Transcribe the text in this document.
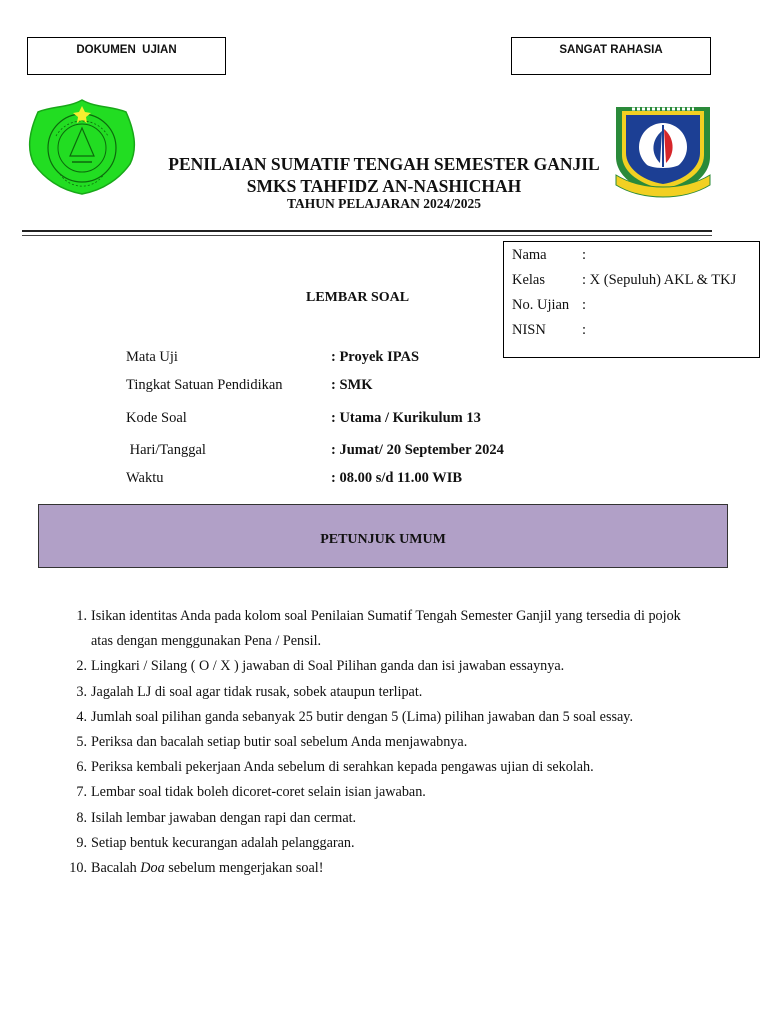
DOKUMEN  UJIAN	SANGAT RAHASIA
PENILAIAN SUMATIF TENGAH SEMESTER GANJIL
SMKS TAHFIDZ AN-NASHICHAH
TAHUN PELAJARAN 2024/2025
Nama :
Kelas	: X (Sepuluh) AKL & TKJ
No. Ujian :
NISN :
LEMBAR SOAL
Mata Uji	: Proyek IPAS
Tingkat Satuan Pendidikan	: SMK
Kode Soal	: Utama / Kurikulum 13
Hari/Tanggal	: Jumat/ 20 September 2024
Waktu	: 08.00 s/d 11.00 WIB
PETUNJUK UMUM
1. Isikan identitas Anda pada kolom soal Penilaian Sumatif Tengah Semester Ganjil yang tersedia di pojok atas dengan menggunakan Pena / Pensil.
2. Lingkari / Silang ( O / X ) jawaban di Soal Pilihan ganda dan isi jawaban essaynya.
3. Jagalah LJ di soal agar tidak rusak, sobek ataupun terlipat.
4. Jumlah soal pilihan ganda sebanyak 25 butir dengan 5 (Lima) pilihan jawaban dan 5 soal essay.
5. Periksa dan bacalah setiap butir soal sebelum Anda menjawabnya.
6. Periksa kembali pekerjaan Anda sebelum di serahkan kepada pengawas ujian di sekolah.
7. Lembar soal tidak boleh dicoret-coret selain isian jawaban.
8. Isilah lembar jawaban dengan rapi dan cermat.
9. Setiap bentuk kecurangan adalah pelanggaran.
10. Bacalah Doa sebelum mengerjakan soal!
